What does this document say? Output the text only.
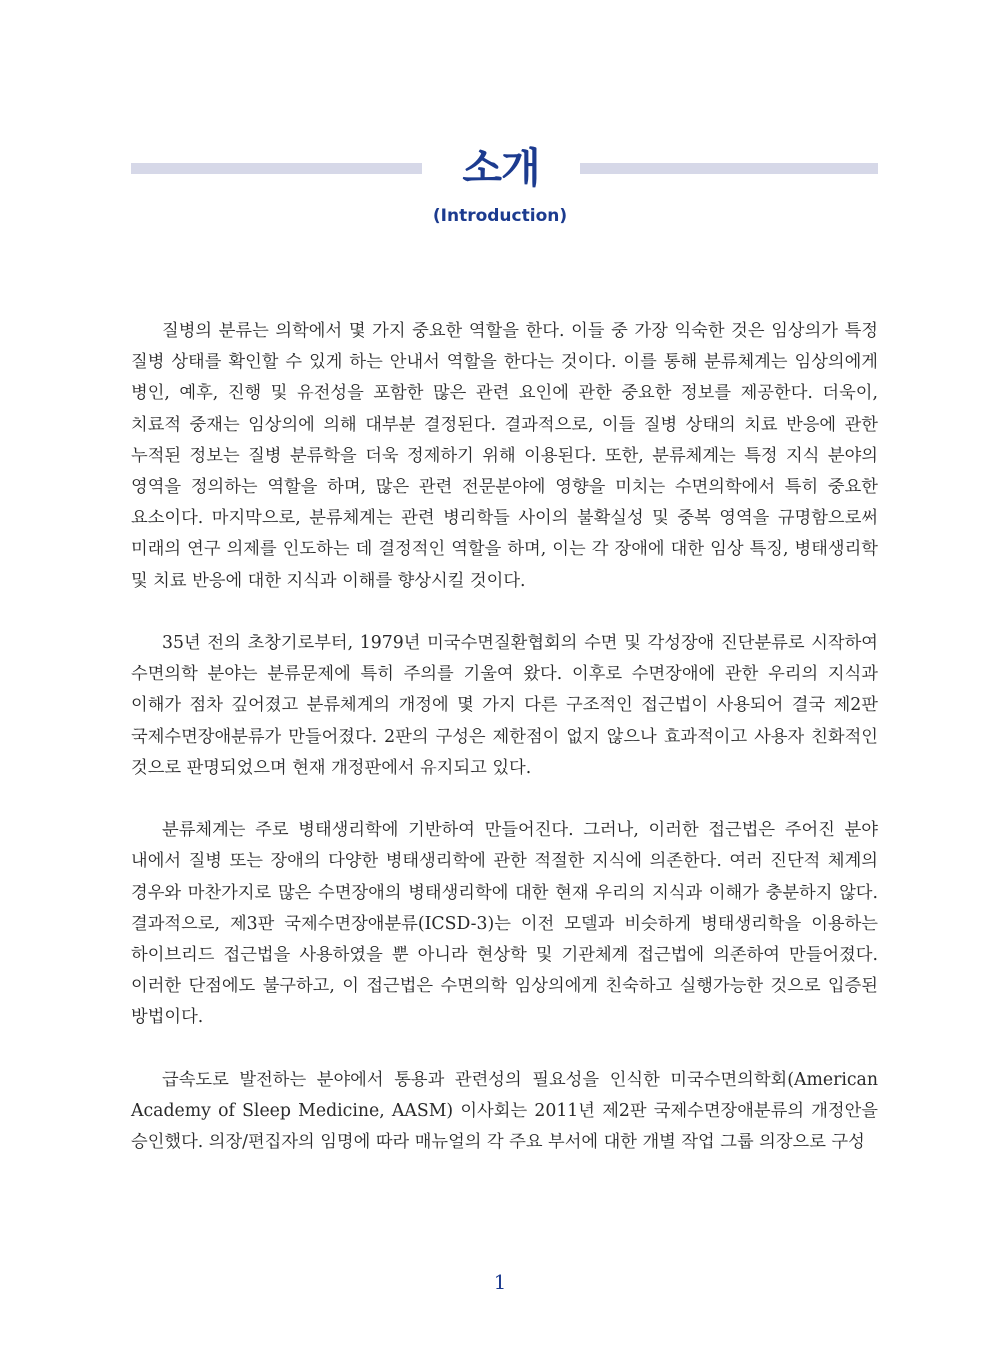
소개
(Introduction)

질병의 분류는 의학에서 몇 가지 중요한 역할을 한다. 이들 중 가장 익숙한 것은 임상의가 특정 질병 상태를 확인할 수 있게 하는 안내서 역할을 한다는 것이다. 이를 통해 분류체계는 임상의에게 병인, 예후, 진행 및 유전성을 포함한 많은 관련 요인에 관한 중요한 정보를 제공한다. 더욱이, 치료적 중재는 임상의에 의해 대부분 결정된다. 결과적으로, 이들 질병 상태의 치료 반응에 관한 누적된 정보는 질병 분류학을 더욱 정제하기 위해 이용된다. 또한, 분류체계는 특정 지식 분야의 영역을 정의하는 역할을 하며, 많은 관련 전문분야에 영향을 미치는 수면의학에서 특히 중요한 요소이다. 마지막으로, 분류체계는 관련 병리학들 사이의 불확실성 및 중복 영역을 규명함으로써 미래의 연구 의제를 인도하는 데 결정적인 역할을 하며, 이는 각 장애에 대한 임상 특징, 병태생리학 및 치료 반응에 대한 지식과 이해를 향상시킬 것이다.

35년 전의 초창기로부터, 1979년 미국수면질환협회의 수면 및 각성장애 진단분류로 시작하여 수면의학 분야는 분류문제에 특히 주의를 기울여 왔다. 이후로 수면장애에 관한 우리의 지식과 이해가 점차 깊어졌고 분류체계의 개정에 몇 가지 다른 구조적인 접근법이 사용되어 결국 제2판 국제수면장애분류가 만들어졌다. 2판의 구성은 제한점이 없지 않으나 효과적이고 사용자 친화적인 것으로 판명되었으며 현재 개정판에서 유지되고 있다.

분류체계는 주로 병태생리학에 기반하여 만들어진다. 그러나, 이러한 접근법은 주어진 분야 내에서 질병 또는 장애의 다양한 병태생리학에 관한 적절한 지식에 의존한다. 여러 진단적 체계의 경우와 마찬가지로 많은 수면장애의 병태생리학에 대한 현재 우리의 지식과 이해가 충분하지 않다. 결과적으로, 제3판 국제수면장애분류(ICSD-3)는 이전 모델과 비슷하게 병태생리학을 이용하는 하이브리드 접근법을 사용하였을 뿐 아니라 현상학 및 기관체계 접근법에 의존하여 만들어졌다. 이러한 단점에도 불구하고, 이 접근법은 수면의학 임상의에게 친숙하고 실행가능한 것으로 입증된 방법이다.

급속도로 발전하는 분야에서 통용과 관련성의 필요성을 인식한 미국수면의학회(American Academy of Sleep Medicine, AASM) 이사회는 2011년 제2판 국제수면장애분류의 개정안을 승인했다. 의장/편집자의 임명에 따라 매뉴얼의 각 주요 부서에 대한 개별 작업 그룹 의장으로 구성

1
